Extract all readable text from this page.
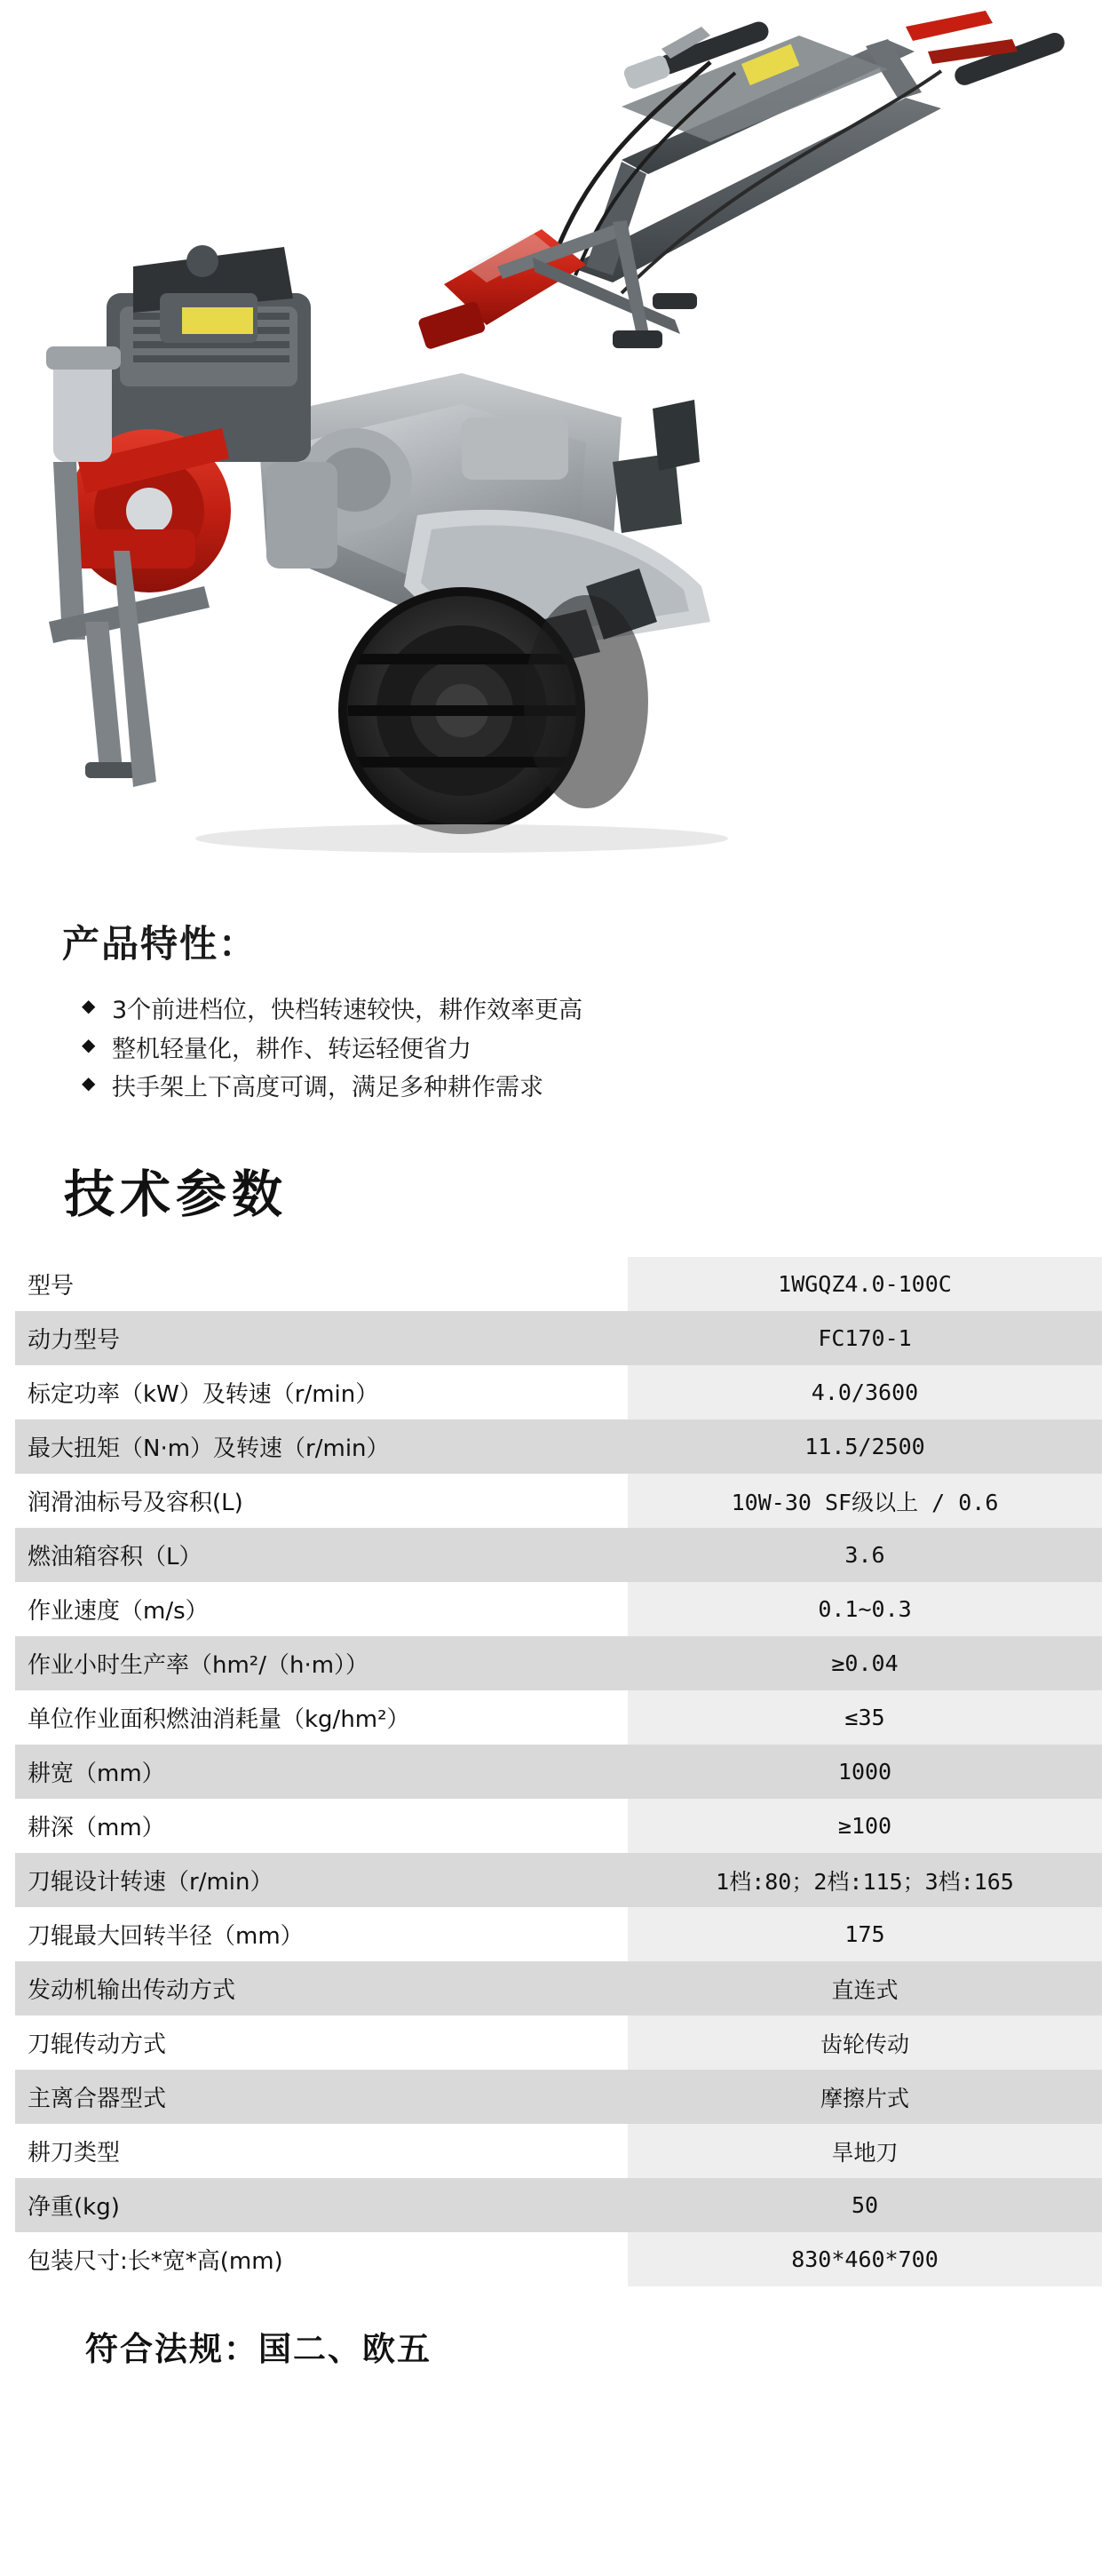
产品特性：
◆ 3个前进档位，快档转速较快，耕作效率更高
◆ 整机轻量化，耕作、转运轻便省力
◆ 扶手架上下高度可调，满足多种耕作需求
技术参数
型号	1WGQZ4.0-100C
动力型号	FC170-1
标定功率（kW）及转速（r/min）	4.0/3600
最大扭矩（N·m）及转速（r/min）	11.5/2500
润滑油标号及容积(L)	10W-30 SF级以上 / 0.6
燃油箱容积（L）	3.6
作业速度（m/s）	0.1~0.3
作业小时生产率（hm²/（h·m））	≥0.04
单位作业面积燃油消耗量（kg/hm²）	≤35
耕宽（mm）	1000
耕深（mm）	≥100
刀辊设计转速（r/min）	1档:80；2档:115；3档:165
刀辊最大回转半径（mm）	175
发动机输出传动方式	直连式
刀辊传动方式	齿轮传动
主离合器型式	摩擦片式
耕刀类型	旱地刀
净重(kg)	50
包装尺寸:长*宽*高(mm)	830*460*700
符合法规：国二、欧五
